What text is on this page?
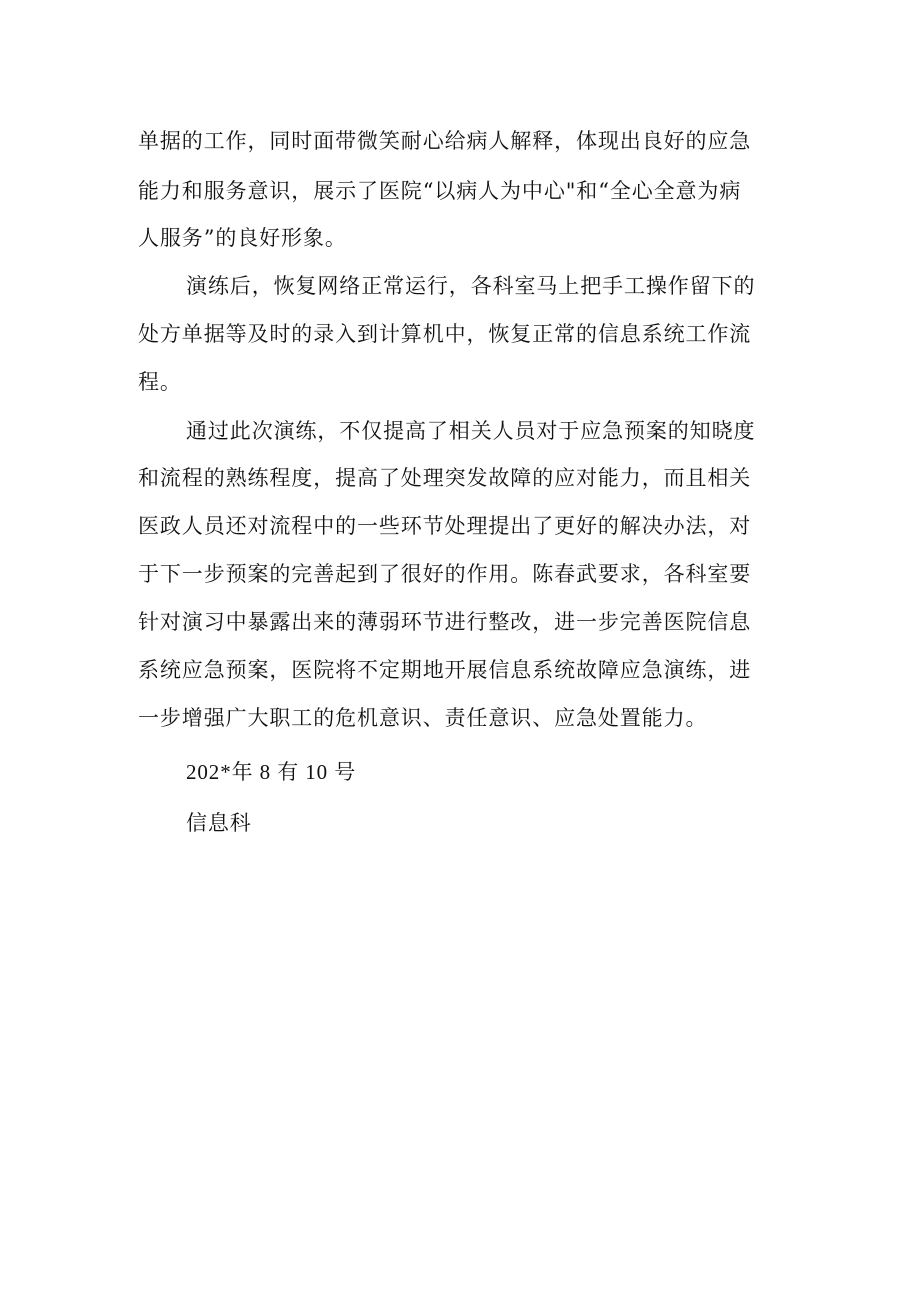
单据的工作，同时面带微笑耐心给病人解释，体现出良好的应急
能力和服务意识，展示了医院“以病人为中心"和“全心全意为病
人服务”的良好形象。
演练后，恢复网络正常运行，各科室马上把手工操作留下的
处方单据等及时的录入到计算机中，恢复正常的信息系统工作流
程。
通过此次演练，不仅提高了相关人员对于应急预案的知晓度
和流程的熟练程度，提高了处理突发故障的应对能力，而且相关
医政人员还对流程中的一些环节处理提出了更好的解决办法，对
于下一步预案的完善起到了很好的作用。陈春武要求，各科室要
针对演习中暴露出来的薄弱环节进行整改，进一步完善医院信息
系统应急预案，医院将不定期地开展信息系统故障应急演练，进
一步增强广大职工的危机意识、责任意识、应急处置能力。
202*年 8 有 10 号
信息科
